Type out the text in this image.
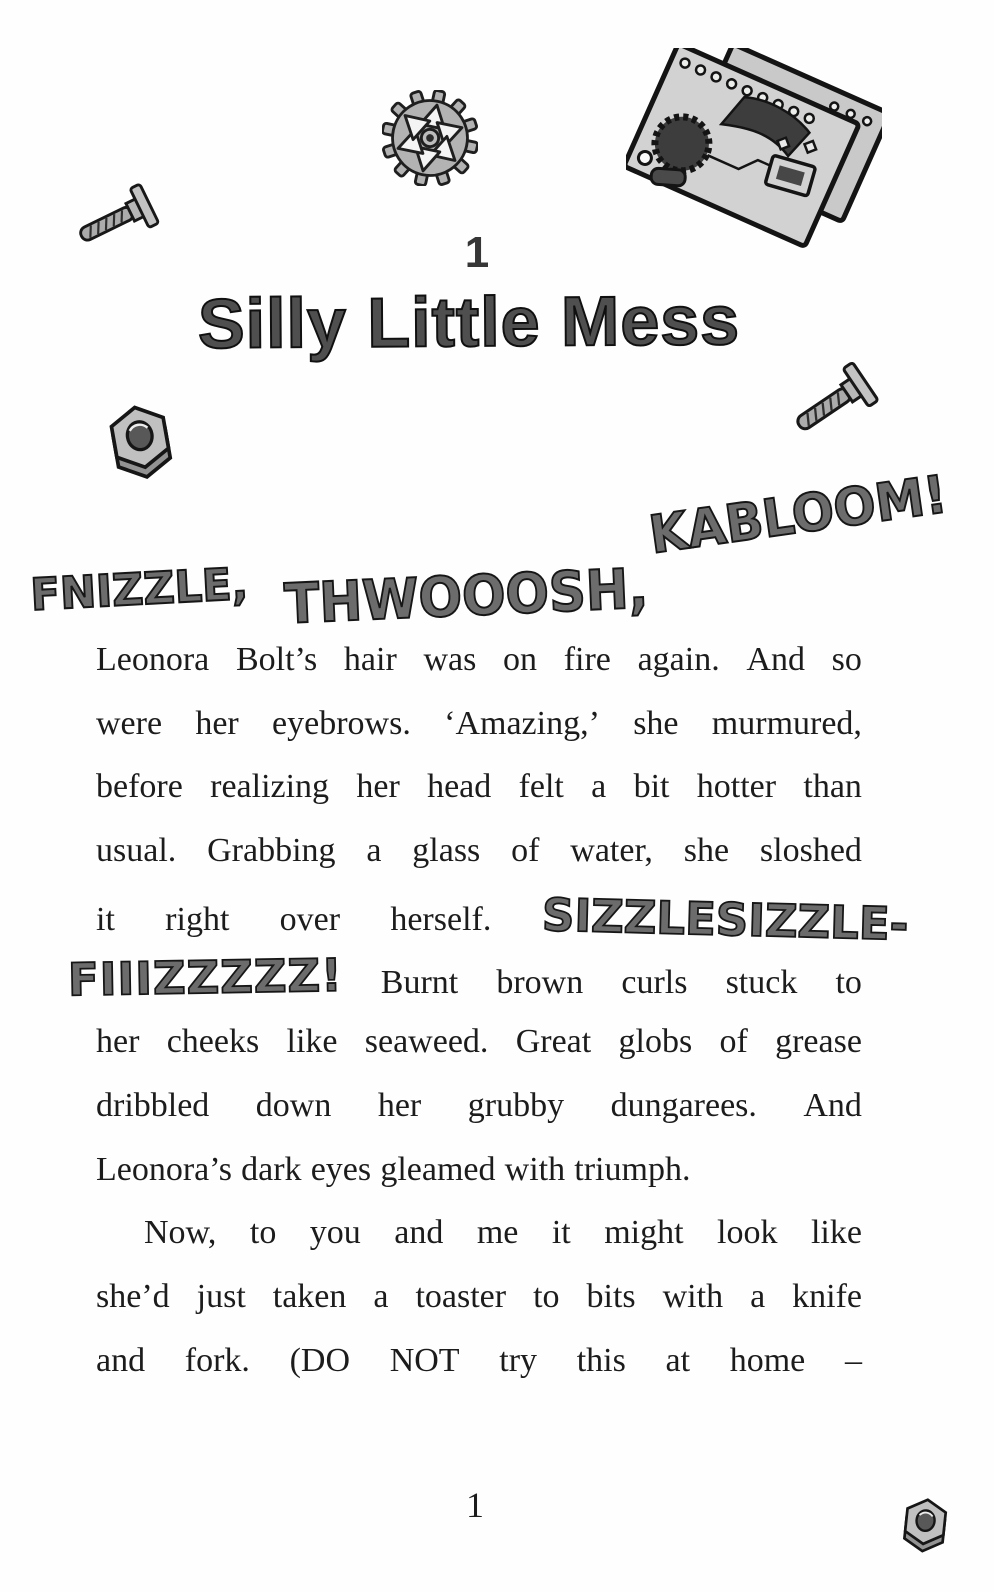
1
Silly Little Mess
FNIZZLE, THWOOOSH,
KABLOOM!
Leonora Bolt’s hair was on fire again. And so
were her eyebrows. ‘Amazing,’ she murmured,
before realizing her head felt a bit hotter than
usual. Grabbing a glass of water, she sloshed
it right over herself. SIZZLESIZZLE-
FIIIZZZZZ! Burnt brown curls stuck to
her cheeks like seaweed. Great globs of grease
dribbled down her grubby dungarees. And
Leonora’s dark eyes gleamed with triumph.
Now, to you and me it might look like
she’d just taken a toaster to bits with a knife
and fork. (DO NOT try this at home –
1
